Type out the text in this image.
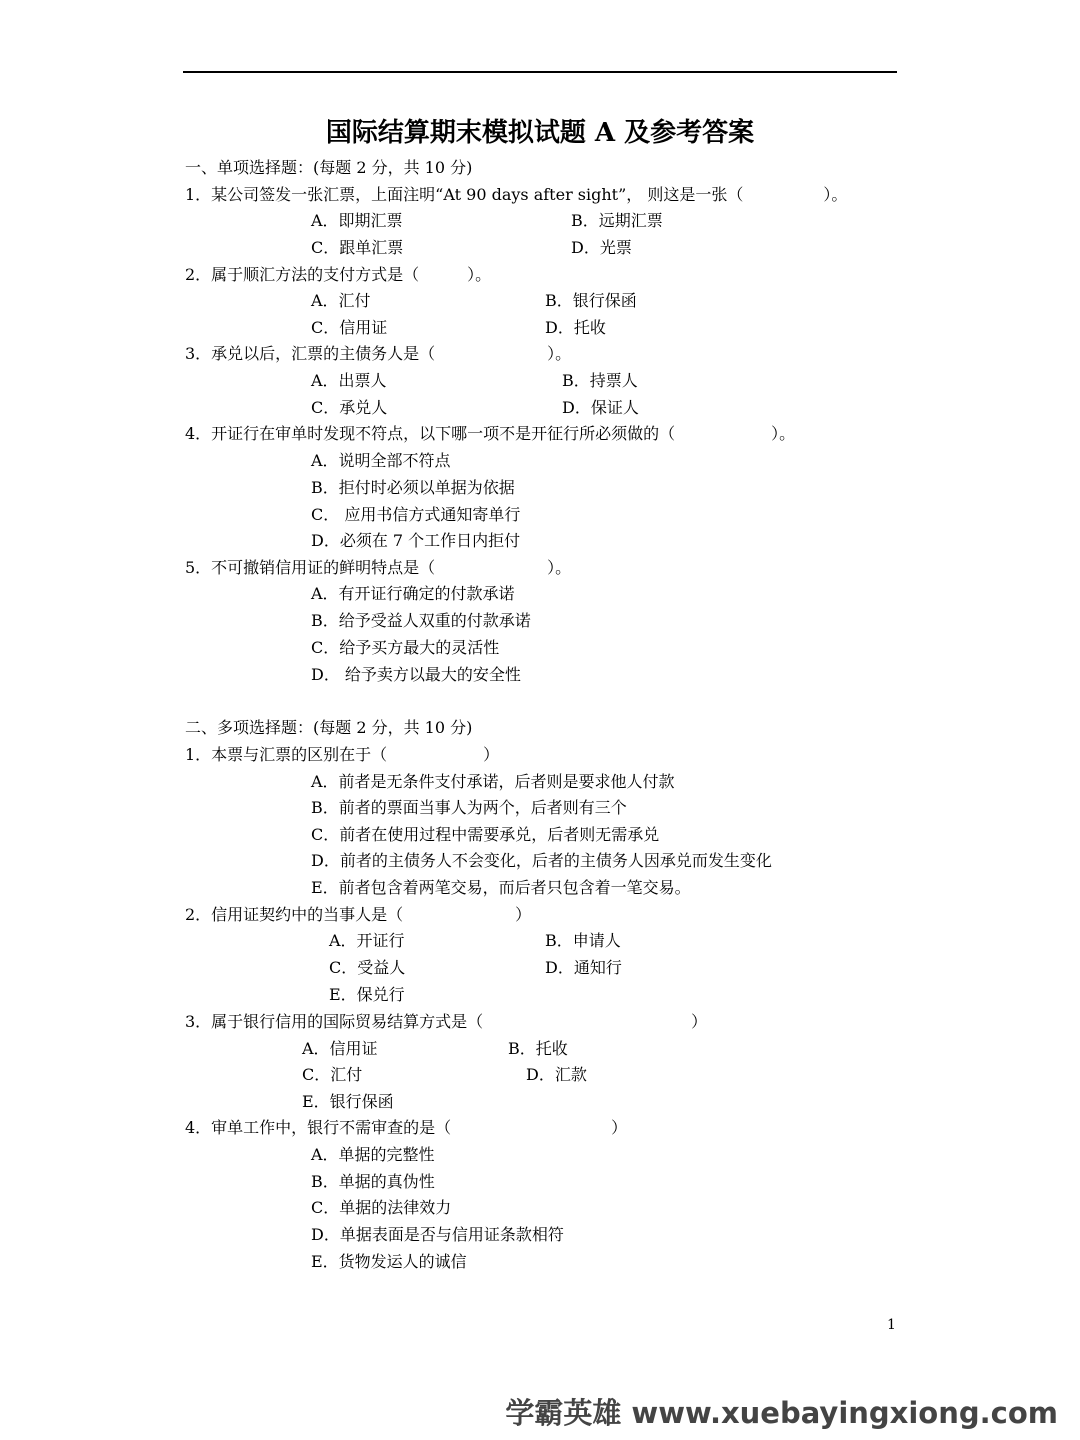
国际结算期末模拟试题 A 及参考答案
一、单项选择题：(每题 2 分，共 10 分)
1．某公司签发一张汇票，上面注明“At 90 days after sight”， 则这是一张（　　　　　）。
A．即期汇票	B．远期汇票
C．跟单汇票	D．光票
2．属于顺汇方法的支付方式是（　　　）。
A．汇付	B．银行保函
C．信用证	D．托收
3．承兑以后，汇票的主债务人是（　　　　　　　）。
A．出票人	B．持票人
C．承兑人	D．保证人
4．开证行在审单时发现不符点，以下哪一项不是开征行所必须做的（　　　　　　）。
A．说明全部不符点
B．拒付时必须以单据为依据
C． 应用书信方式通知寄单行
D．必须在 7 个工作日内拒付
5．不可撤销信用证的鲜明特点是（　　　　　　　）。
A．有开证行确定的付款承诺
B．给予受益人双重的付款承诺
C．给予买方最大的灵活性
D． 给予卖方以最大的安全性
二、多项选择题：(每题 2 分，共 10 分)
1．本票与汇票的区别在于（　　　　　　）
A．前者是无条件支付承诺，后者则是要求他人付款
B．前者的票面当事人为两个，后者则有三个
C．前者在使用过程中需要承兑，后者则无需承兑
D．前者的主债务人不会变化，后者的主债务人因承兑而发生变化
E．前者包含着两笔交易，而后者只包含着一笔交易。
2．信用证契约中的当事人是（　　　　　　　）
A．开证行	B．申请人
C．受益人	D．通知行
E．保兑行
3．属于银行信用的国际贸易结算方式是（　　　　　　　　　　　　　）
A．信用证	B．托收
C．汇付	D．汇款
E．银行保函
4．审单工作中，银行不需审查的是（　　　　　　　　　　）
A．单据的完整性
B．单据的真伪性
C．单据的法律效力
D．单据表面是否与信用证条款相符
E．货物发运人的诚信
1
学霸英雄 www.xuebayingxiong.com
